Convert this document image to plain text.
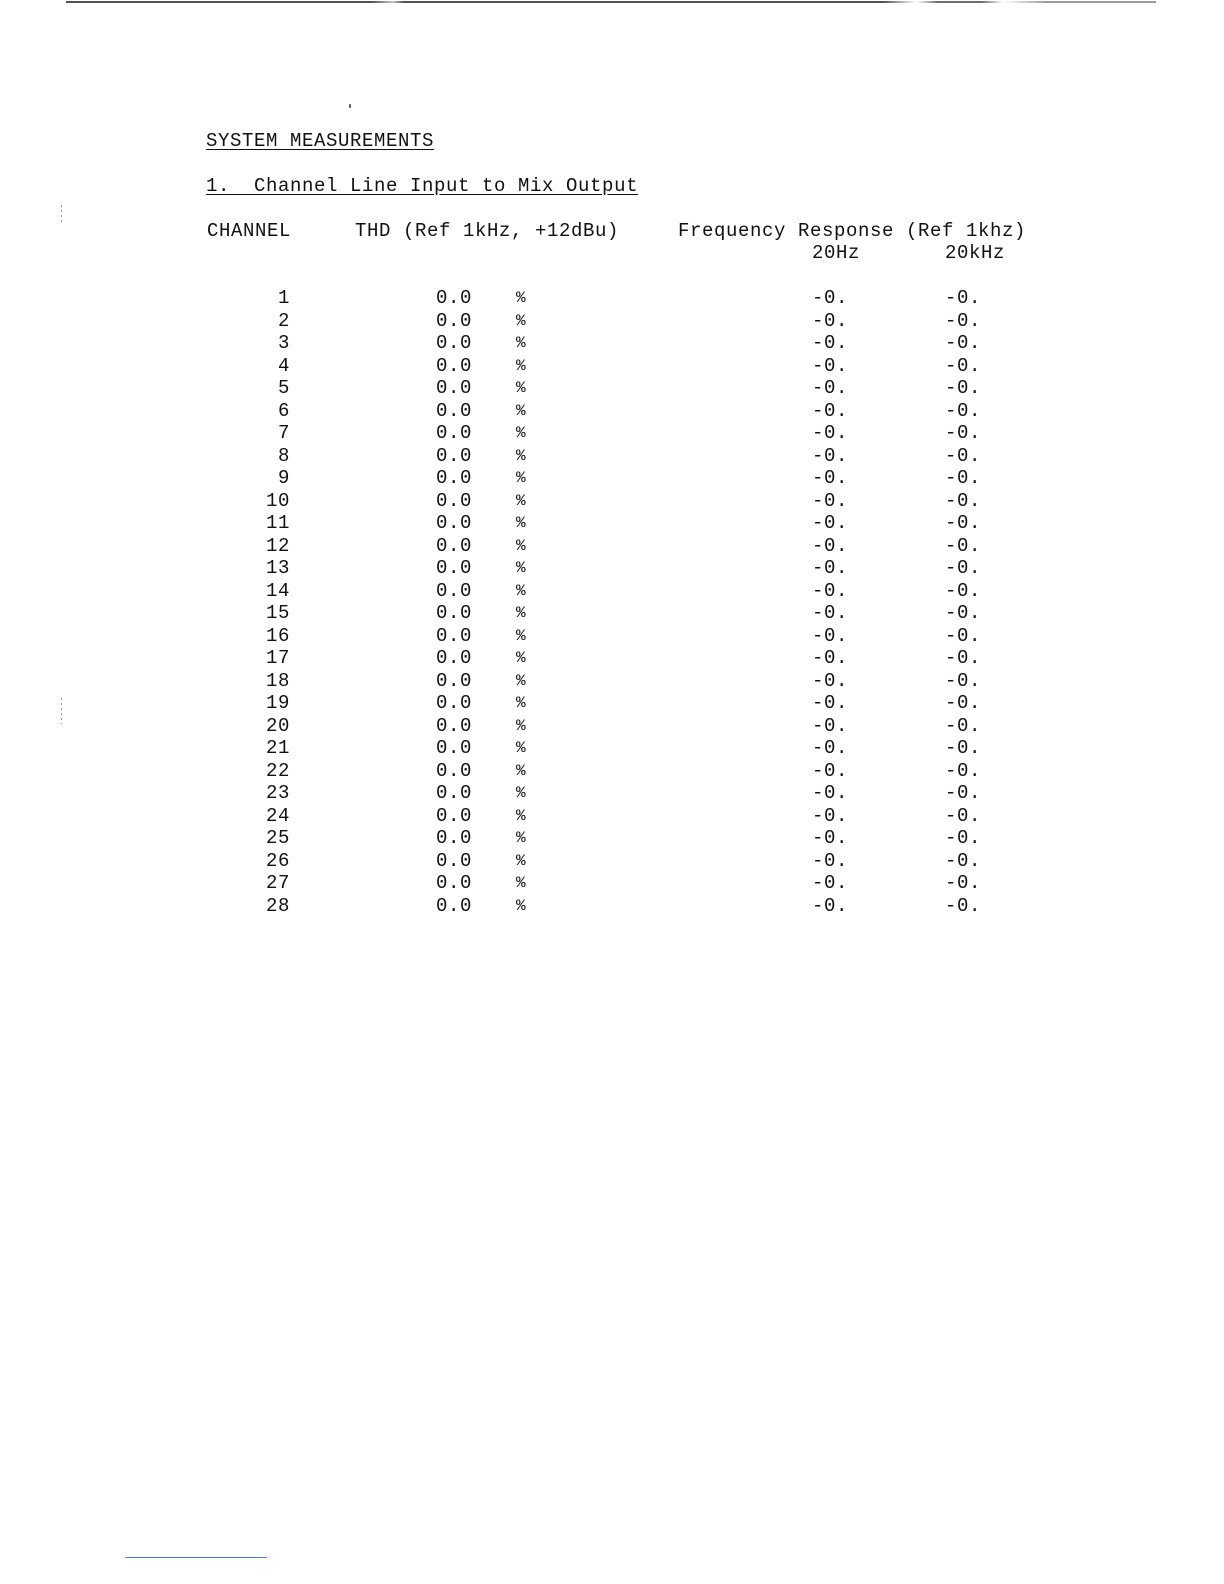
SYSTEM MEASUREMENTS
1.  Channel Line Input to Mix Output
CHANNEL	THD (Ref 1kHz, +12dBu)	Frequency Response (Ref 1khz)
20Hz	20kHz
1	0.0	%	-0.	-0.
2	0.0	%	-0.	-0.
3	0.0	%	-0.	-0.
4	0.0	%	-0.	-0.
5	0.0	%	-0.	-0.
6	0.0	%	-0.	-0.
7	0.0	%	-0.	-0.
8	0.0	%	-0.	-0.
9	0.0	%	-0.	-0.
10	0.0	%	-0.	-0.
11	0.0	%	-0.	-0.
12	0.0	%	-0.	-0.
13	0.0	%	-0.	-0.
14	0.0	%	-0.	-0.
15	0.0	%	-0.	-0.
16	0.0	%	-0.	-0.
17	0.0	%	-0.	-0.
18	0.0	%	-0.	-0.
19	0.0	%	-0.	-0.
20	0.0	%	-0.	-0.
21	0.0	%	-0.	-0.
22	0.0	%	-0.	-0.
23	0.0	%	-0.	-0.
24	0.0	%	-0.	-0.
25	0.0	%	-0.	-0.
26	0.0	%	-0.	-0.
27	0.0	%	-0.	-0.
28	0.0	%	-0.	-0.
